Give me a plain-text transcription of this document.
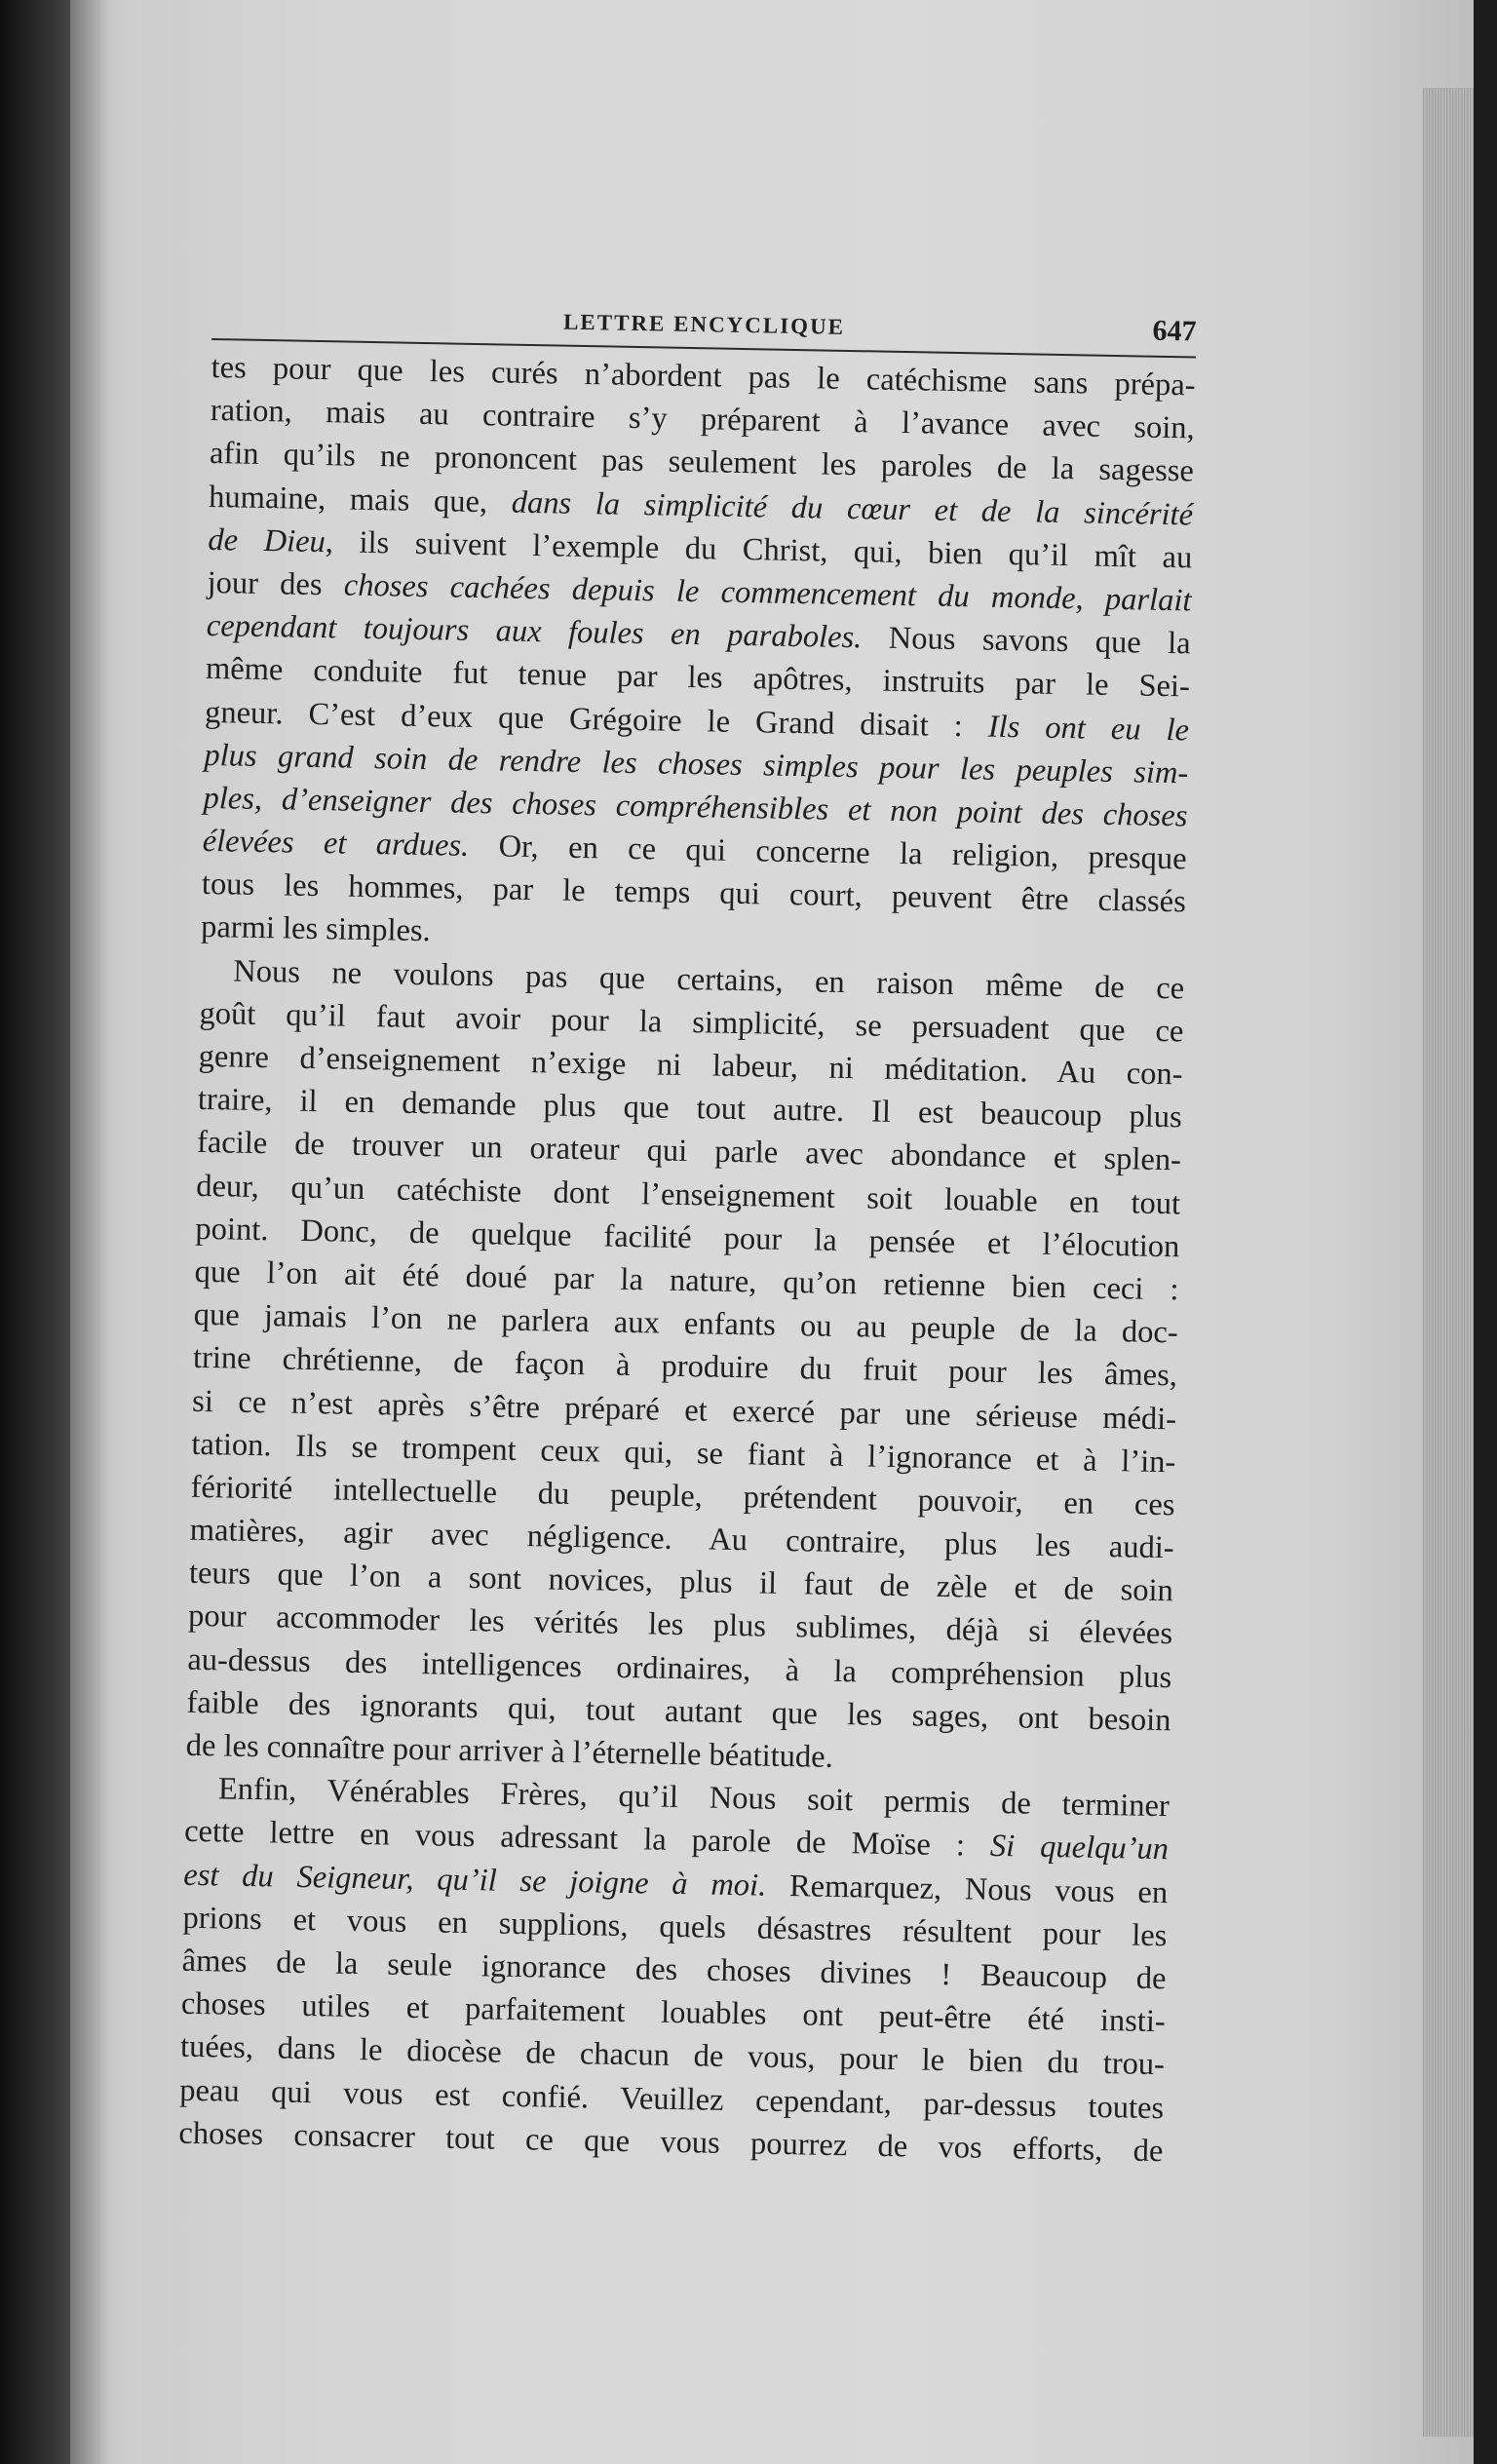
LETTRE ENCYCLIQUE	647
tes pour que les curés n’abordent pas le catéchisme sans prépa-
ration, mais au contraire s’y préparent à l’avance avec soin,
afin qu’ils ne prononcent pas seulement les paroles de la sagesse
humaine, mais que, dans la simplicité du cœur et de la sincérité
de Dieu, ils suivent l’exemple du Christ, qui, bien qu’il mît au
jour des choses cachées depuis le commencement du monde, parlait
cependant toujours aux foules en paraboles. Nous savons que la
même conduite fut tenue par les apôtres, instruits par le Sei-
gneur. C’est d’eux que Grégoire le Grand disait : Ils ont eu le
plus grand soin de rendre les choses simples pour les peuples sim-
ples, d’enseigner des choses compréhensibles et non point des choses
élevées et ardues. Or, en ce qui concerne la religion, presque
tous les hommes, par le temps qui court, peuvent être classés
parmi les simples.
Nous ne voulons pas que certains, en raison même de ce
goût qu’il faut avoir pour la simplicité, se persuadent que ce
genre d’enseignement n’exige ni labeur, ni méditation. Au con-
traire, il en demande plus que tout autre. Il est beaucoup plus
facile de trouver un orateur qui parle avec abondance et splen-
deur, qu’un catéchiste dont l’enseignement soit louable en tout
point. Donc, de quelque facilité pour la pensée et l’élocution
que l’on ait été doué par la nature, qu’on retienne bien ceci :
que jamais l’on ne parlera aux enfants ou au peuple de la doc-
trine chrétienne, de façon à produire du fruit pour les âmes,
si ce n’est après s’être préparé et exercé par une sérieuse médi-
tation. Ils se trompent ceux qui, se fiant à l’ignorance et à l’in-
fériorité intellectuelle du peuple, prétendent pouvoir, en ces
matières, agir avec négligence. Au contraire, plus les audi-
teurs que l’on a sont novices, plus il faut de zèle et de soin
pour accommoder les vérités les plus sublimes, déjà si élevées
au-dessus des intelligences ordinaires, à la compréhension plus
faible des ignorants qui, tout autant que les sages, ont besoin
de les connaître pour arriver à l’éternelle béatitude.
Enfin, Vénérables Frères, qu’il Nous soit permis de terminer
cette lettre en vous adressant la parole de Moïse : Si quelqu’un
est du Seigneur, qu’il se joigne à moi. Remarquez, Nous vous en
prions et vous en supplions, quels désastres résultent pour les
âmes de la seule ignorance des choses divines ! Beaucoup de
choses utiles et parfaitement louables ont peut-être été insti-
tuées, dans le diocèse de chacun de vous, pour le bien du trou-
peau qui vous est confié. Veuillez cependant, par-dessus toutes
choses consacrer tout ce que vous pourrez de vos efforts, de
